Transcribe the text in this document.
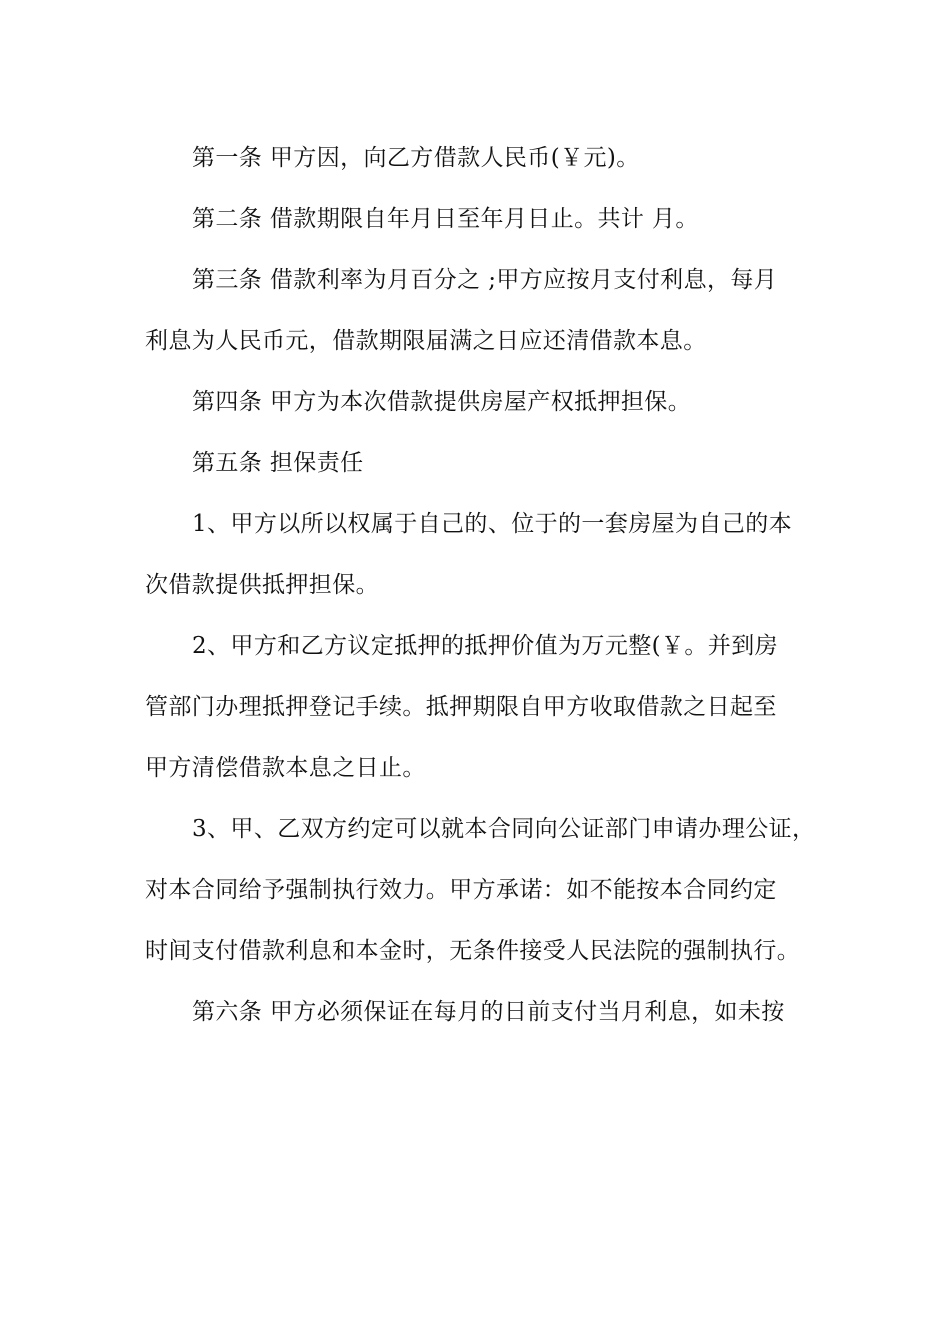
第一条 甲方因，向乙方借款人民币(￥元)。

第二条 借款期限自年月日至年月日止。共计 月。

第三条 借款利率为月百分之 ;甲方应按月支付利息，每月

利息为人民币元，借款期限届满之日应还清借款本息。

第四条 甲方为本次借款提供房屋产权抵押担保。

第五条 担保责任

1、甲方以所以权属于自己的、位于的一套房屋为自己的本

次借款提供抵押担保。

2、甲方和乙方议定抵押的抵押价值为万元整(￥。并到房

管部门办理抵押登记手续。抵押期限自甲方收取借款之日起至

甲方清偿借款本息之日止。

3、甲、乙双方约定可以就本合同向公证部门申请办理公证，

对本合同给予强制执行效力。甲方承诺：如不能按本合同约定

时间支付借款利息和本金时，无条件接受人民法院的强制执行。

第六条 甲方必须保证在每月的日前支付当月利息，如未按
